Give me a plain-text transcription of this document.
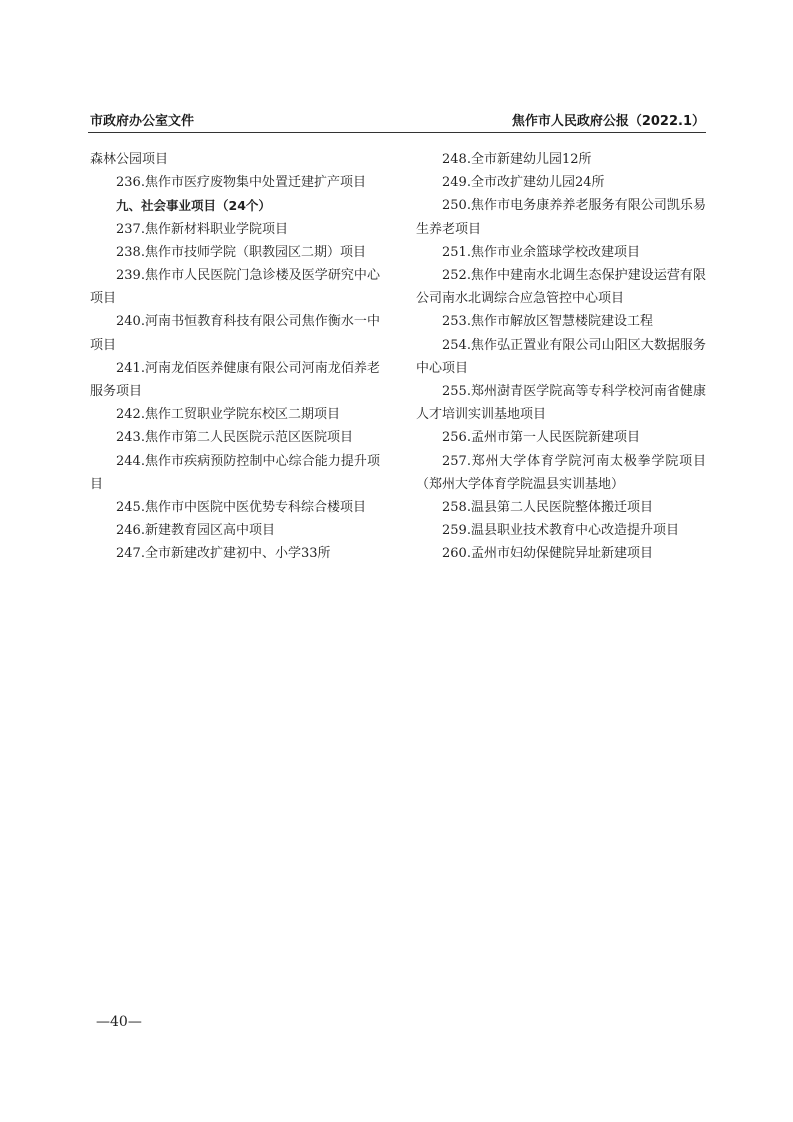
市政府办公室文件	焦作市人民政府公报（2022.1）

森林公园项目

236.焦作市医疗废物集中处置迁建扩产项目

九、社会事业项目（24个）

237.焦作新材料职业学院项目

238.焦作市技师学院（职教园区二期）项目

239.焦作市人民医院门急诊楼及医学研究中心项目

240.河南书恒教育科技有限公司焦作衡水一中项目

241.河南龙佰医养健康有限公司河南龙佰养老服务项目

242.焦作工贸职业学院东校区二期项目

243.焦作市第二人民医院示范区医院项目

244.焦作市疾病预防控制中心综合能力提升项目

245.焦作市中医院中医优势专科综合楼项目

246.新建教育园区高中项目

247.全市新建改扩建初中、小学33所

248.全市新建幼儿园12所

249.全市改扩建幼儿园24所

250.焦作市电务康养养老服务有限公司凯乐易生养老项目

251.焦作市业余篮球学校改建项目

252.焦作中建南水北调生态保护建设运营有限公司南水北调综合应急管控中心项目

253.焦作市解放区智慧楼院建设工程

254.焦作弘正置业有限公司山阳区大数据服务中心项目

255.郑州澍青医学院高等专科学校河南省健康人才培训实训基地项目

256.孟州市第一人民医院新建项目

257.郑州大学体育学院河南太极拳学院项目（郑州大学体育学院温县实训基地）

258.温县第二人民医院整体搬迁项目

259.温县职业技术教育中心改造提升项目

260.孟州市妇幼保健院异址新建项目

—40—
